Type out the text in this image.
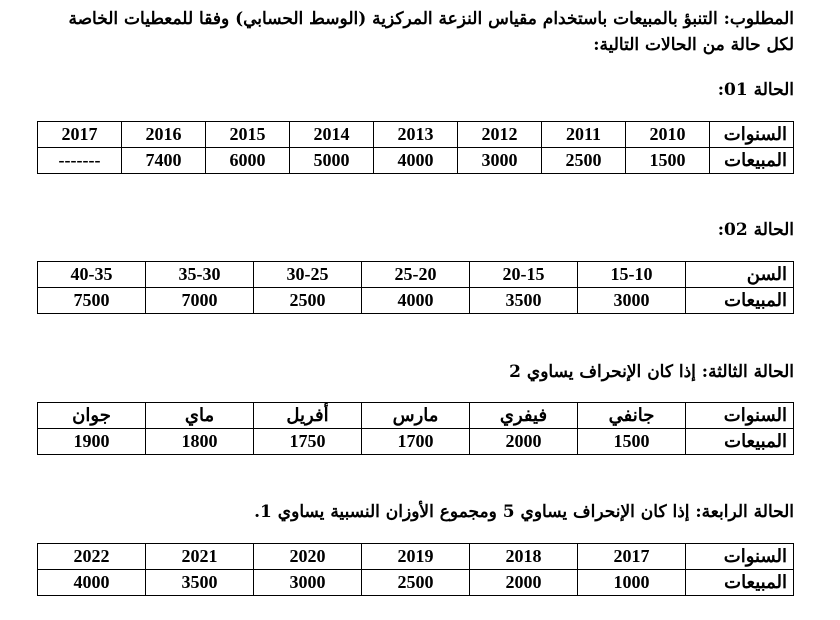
المطلوب: التنبؤ بالمبيعات باستخدام مقياس النزعة المركزية (الوسط الحسابي) وفقا للمعطيات الخاصة
لكل حالة من الحالات التالية:
الحالة 01:
السنوات	2010	2011	2012	2013	2014	2015	2016	2017
المبيعات	1500	2500	3000	4000	5000	6000	7400	-------
الحالة 02:
السن	15-10	20-15	25-20	30-25	35-30	40-35
المبيعات	3000	3500	4000	2500	7000	7500
الحالة الثالثة: إذا كان الإنحراف يساوي 2
السنوات	جانفي	فيفري	مارس	أفريل	ماي	جوان
المبيعات	1500	2000	1700	1750	1800	1900
الحالة الرابعة: إذا كان الإنحراف يساوي 5 ومجموع الأوزان النسبية يساوي 1.
السنوات	2017	2018	2019	2020	2021	2022
المبيعات	1000	2000	2500	3000	3500	4000
